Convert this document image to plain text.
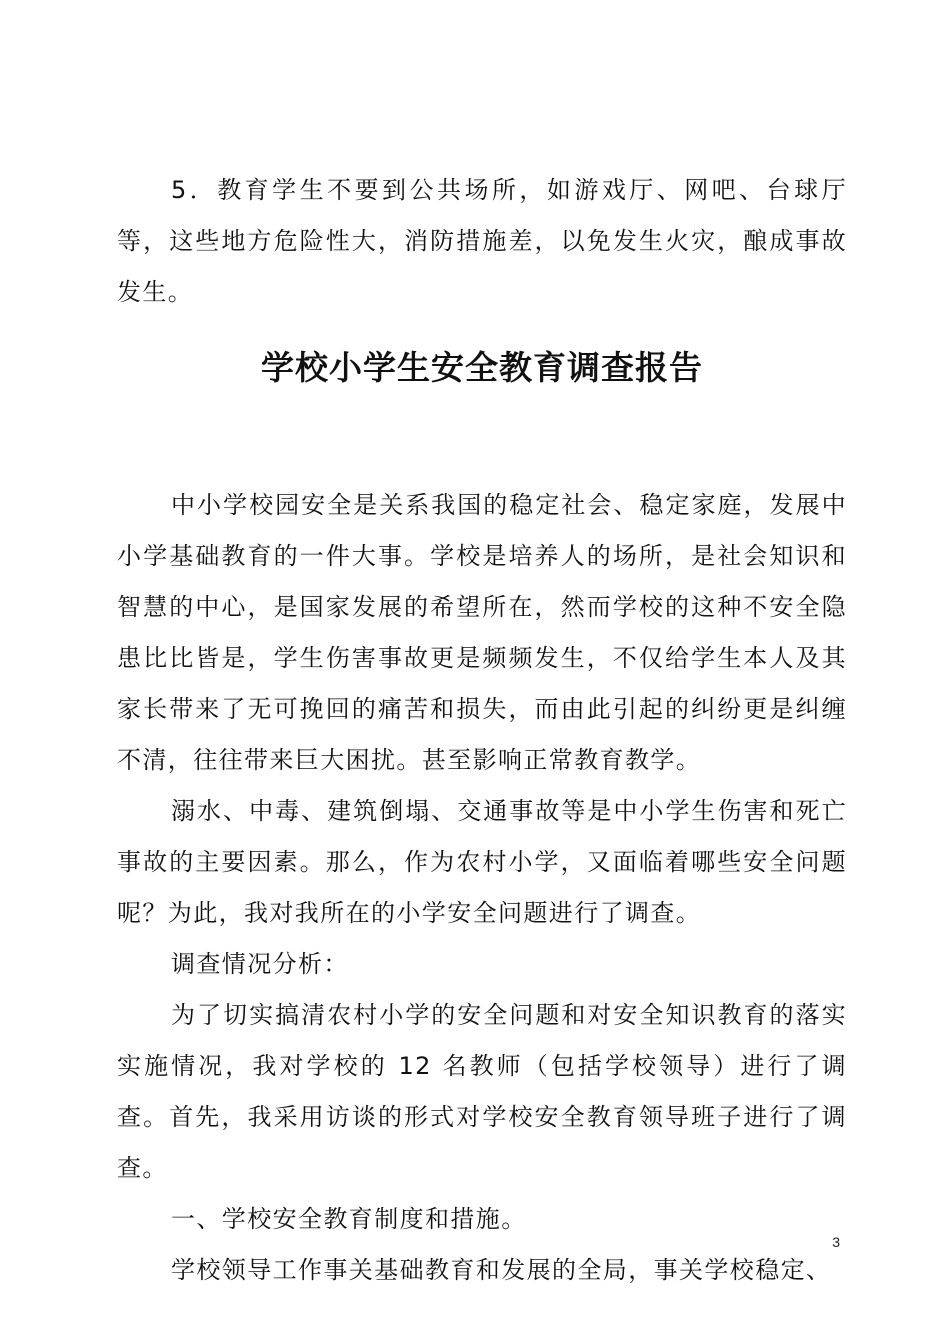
5．教育学生不要到公共场所，如游戏厅、网吧、台球厅等，这些地方危险性大，消防措施差，以免发生火灾，酿成事故发生。

学校小学生安全教育调查报告

中小学校园安全是关系我国的稳定社会、稳定家庭，发展中小学基础教育的一件大事。学校是培养人的场所，是社会知识和智慧的中心，是国家发展的希望所在，然而学校的这种不安全隐患比比皆是，学生伤害事故更是频频发生，不仅给学生本人及其家长带来了无可挽回的痛苦和损失，而由此引起的纠纷更是纠缠不清，往往带来巨大困扰。甚至影响正常教育教学。

溺水、中毒、建筑倒塌、交通事故等是中小学生伤害和死亡事故的主要因素。那么，作为农村小学，又面临着哪些安全问题呢？为此，我对我所在的小学安全问题进行了调查。

调查情况分析：

为了切实搞清农村小学的安全问题和对安全知识教育的落实实施情况，我对学校的 12 名教师（包括学校领导）进行了调查。首先，我采用访谈的形式对学校安全教育领导班子进行了调查。

一、学校安全教育制度和措施。

学校领导工作事关基础教育和发展的全局，事关学校稳定、

3
